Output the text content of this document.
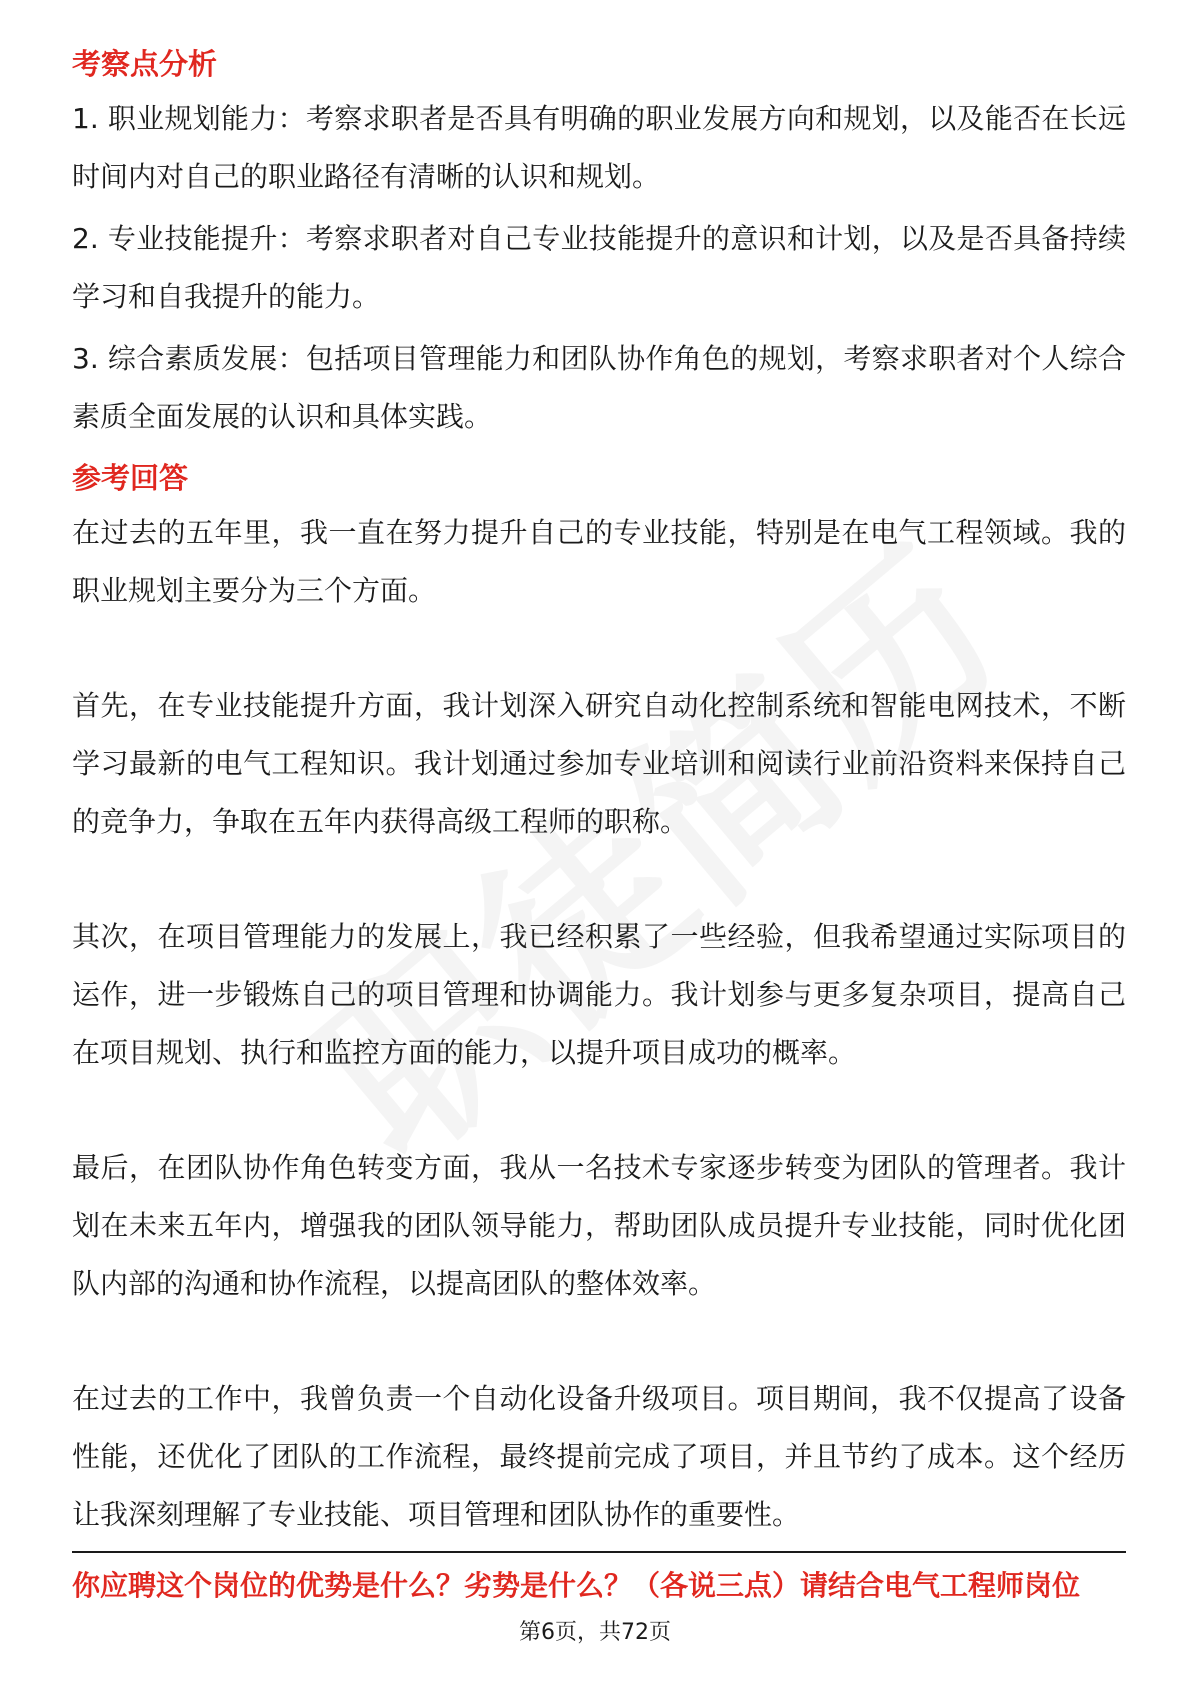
考察点分析

1. 职业规划能力：考察求职者是否具有明确的职业发展方向和规划，以及能否在长远时间内对自己的职业路径有清晰的认识和规划。

2. 专业技能提升：考察求职者对自己专业技能提升的意识和计划，以及是否具备持续学习和自我提升的能力。

3. 综合素质发展：包括项目管理能力和团队协作角色的规划，考察求职者对个人综合素质全面发展的认识和具体实践。

参考回答

在过去的五年里，我一直在努力提升自己的专业技能，特别是在电气工程领域。我的职业规划主要分为三个方面。

首先，在专业技能提升方面，我计划深入研究自动化控制系统和智能电网技术，不断学习最新的电气工程知识。我计划通过参加专业培训和阅读行业前沿资料来保持自己的竞争力，争取在五年内获得高级工程师的职称。

其次，在项目管理能力的发展上，我已经积累了一些经验，但我希望通过实际项目的运作，进一步锻炼自己的项目管理和协调能力。我计划参与更多复杂项目，提高自己在项目规划、执行和监控方面的能力，以提升项目成功的概率。

最后，在团队协作角色转变方面，我从一名技术专家逐步转变为团队的管理者。我计划在未来五年内，增强我的团队领导能力，帮助团队成员提升专业技能，同时优化团队内部的沟通和协作流程，以提高团队的整体效率。

在过去的工作中，我曾负责一个自动化设备升级项目。项目期间，我不仅提高了设备性能，还优化了团队的工作流程，最终提前完成了项目，并且节约了成本。这个经历让我深刻理解了专业技能、项目管理和团队协作的重要性。

你应聘这个岗位的优势是什么？劣势是什么？（各说三点）请结合电气工程师岗位
第6页，共72页
